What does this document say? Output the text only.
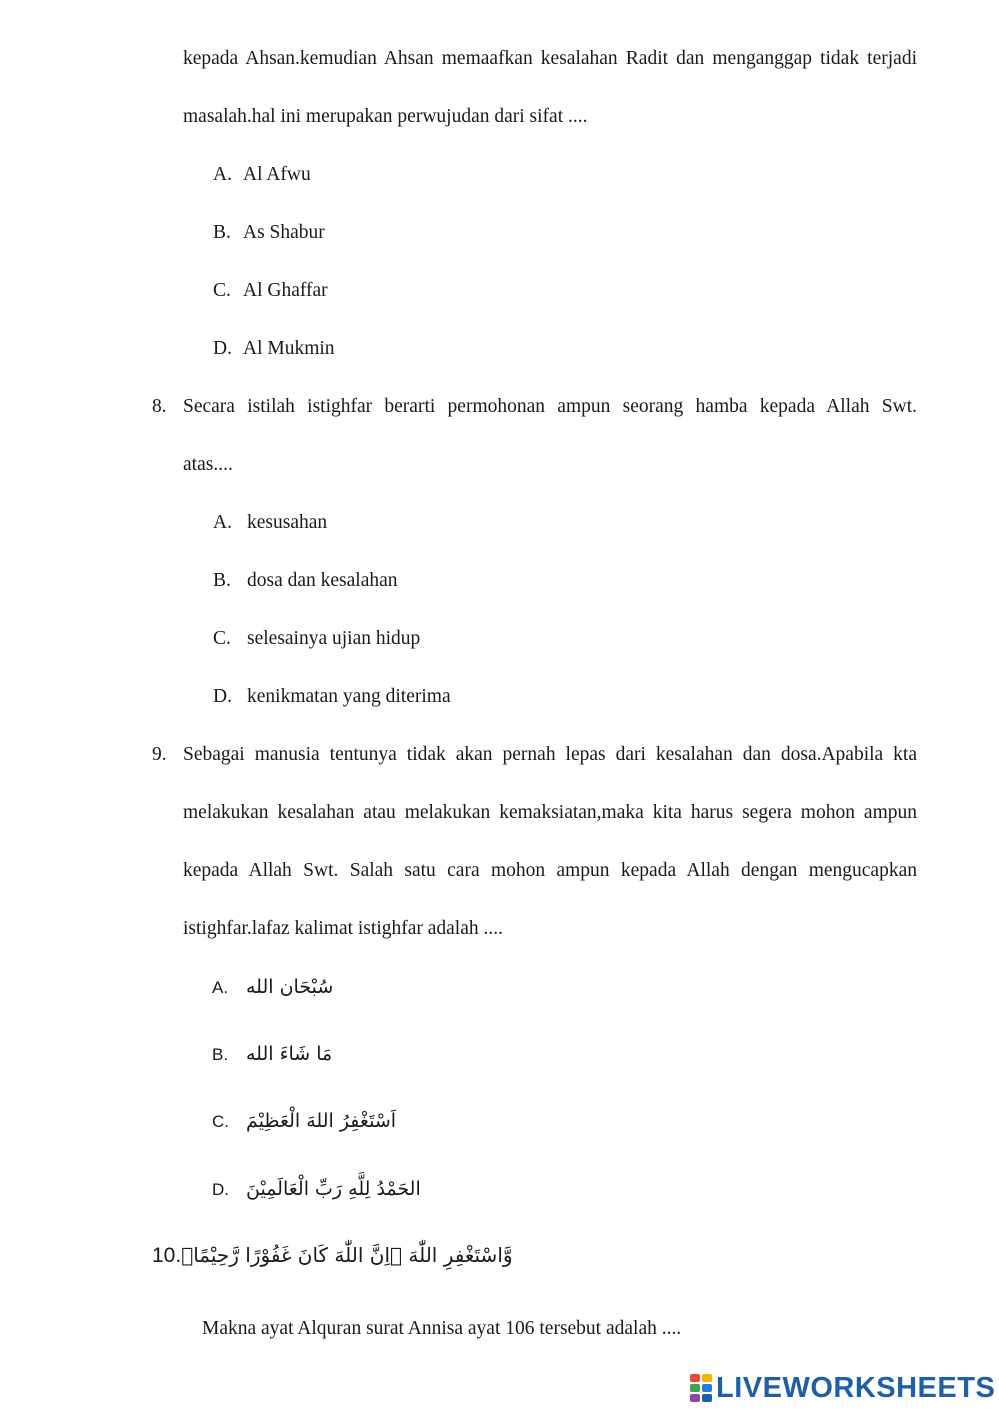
kepada Ahsan.kemudian Ahsan memaafkan kesalahan Radit dan menganggap tidak terjadi
masalah.hal ini merupakan perwujudan dari sifat ....
A. Al Afwu
B. As Shabur
C. Al Ghaffar
D. Al Mukmin
8. Secara istilah istighfar berarti permohonan ampun seorang hamba kepada Allah Swt.
atas....
A. kesusahan
B. dosa dan kesalahan
C. selesainya ujian hidup
D. kenikmatan yang diterima
9. Sebagai manusia tentunya tidak akan pernah lepas dari kesalahan dan dosa.Apabila kta
melakukan kesalahan atau melakukan kemaksiatan,maka kita harus segera mohon ampun
kepada Allah Swt. Salah satu cara mohon ampun kepada Allah dengan mengucapkan
istighfar.lafaz kalimat istighfar adalah ....
A. سُبْحَان الله
B. مَا شَاءَ الله
C. اَسْتَغْفِرُ اللهَ الْعَظِيْمَ
D. الحَمْدُ لِلَّهِ رَبِّ الْعَالَمِيْنَ
10.وَّاسْتَغْفِرِ اللّٰهَ ۗاِنَّ اللّٰهَ كَانَ غَفُوْرًا رَّحِيْمًاۚ
Makna ayat Alquran surat Annisa ayat 106 tersebut adalah ....
LIVEWORKSHEETS
